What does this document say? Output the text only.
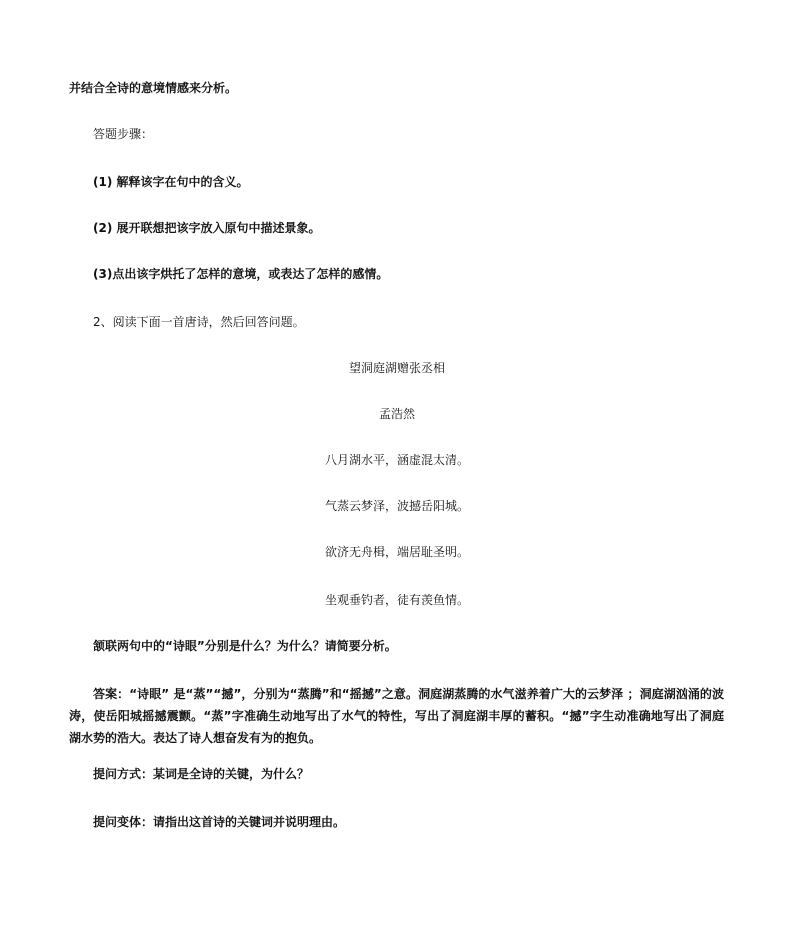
并结合全诗的意境情感来分析。
答题步骤：
(1) 解释该字在句中的含义。
(2) 展开联想把该字放入原句中描述景象。
(3)点出该字烘托了怎样的意境，或表达了怎样的感情。
2、阅读下面一首唐诗，然后回答问题。
望洞庭湖赠张丞相
孟浩然
八月湖水平，涵虚混太清。
气蒸云梦泽，波撼岳阳城。
欲济无舟楫，端居耻圣明。
坐观垂钓者，徒有羡鱼情。
颔联两句中的“诗眼”分别是什么？为什么？请简要分析。
答案：“诗眼” 是“蒸”“撼”，分别为“蒸腾”和“摇撼”之意。洞庭湖蒸腾的水气滋养着广大的云梦泽 ；洞庭湖汹涌的波涛，使岳阳城摇撼震颤。“蒸”字准确生动地写出了水气的特性，写出了洞庭湖丰厚的蓄积。“撼”字生动准确地写出了洞庭湖水势的浩大。表达了诗人想奋发有为的抱负。
提问方式：某词是全诗的关键，为什么？
提问变体：请指出这首诗的关键词并说明理由。
